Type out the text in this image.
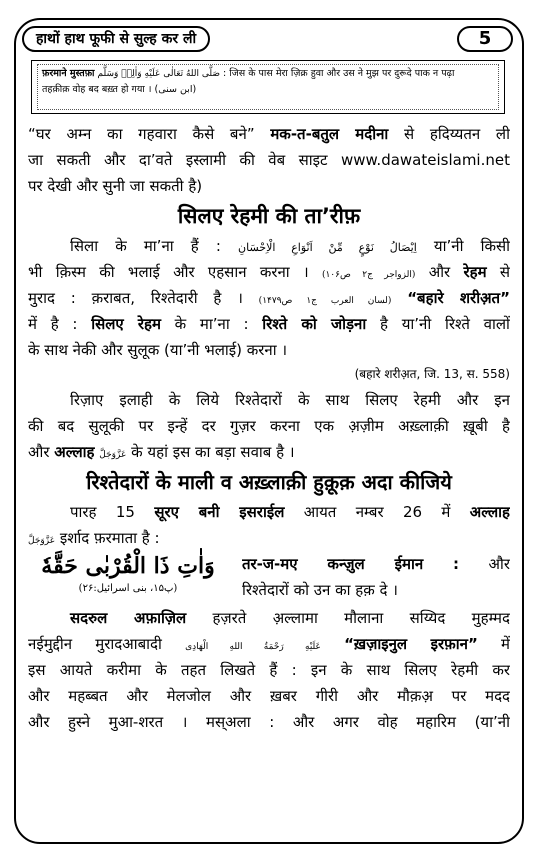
हाथों हाथ फूफी से सुल्ह कर ली	5
फ़रमाने मुस्तफ़ा صَلَّى اللهُ تَعَالٰی عَلَیْهِ وَاٰلِهٖ وَسَلَّم : जिस के पास मेरा ज़िक्र हुवा और उस ने मुझ पर दुरूदे पाक न पढ़ा
तहक़ीक़ वोह बद बख़्त हो गया । (ابن سنی)
“घर अम्न का गहवारा कैसे बने” मक-त-बतुल मदीना से हदिय्यतन ली
जा सकती और दा’वते इस्लामी की वेब साइट www.dawateislami.net
पर देखी और सुनी जा सकती है)
सिलए रेहमी की ता’रीफ़
सिला के मा’ना हैं : اِیْصَالُ نَوْعٍ مِّنْ اَنْوَاعِ الْاِحْسَانِ या’नी किसी
भी क़िस्म की भलाई और एहसान करना । (الزواجر ج۲ ص۱۰۶) और रेहम से
मुराद : क़राबत, रिश्तेदारी है । (لسان العرب ج۱ ص۱۴۷۹) “बहारे शरीअ़त”
में है : सिलए रेहम के मा’ना : रिश्ते को जोड़ना है या’नी रिश्ते वालों
के साथ नेकी और सुलूक (या’नी भलाई) करना ।
(बहारे शरीअ़त, जि. 13, स. 558)
रिज़ाए इलाही के लिये रिश्तेदारों के साथ सिलए रेहमी और इन
की बद सुलूकी पर इन्हें दर गुज़र करना एक अ़ज़ीम अख़्लाक़ी ख़ूबी है
और अल्लाह عَزَّوَجَلَّ के यहां इस का बड़ा सवाब है ।
रिश्तेदारों के माली व अख़्लाक़ी हुक़ूक़ अदा कीजिये
पारह 15 सूरए बनी इसराईल आयत नम्बर 26 में अल्लाह
عَزَّوَجَلَّ इर्शाद फ़रमाता है :
وَاٰتِ ذَا الْقُرْبٰى حَقَّهٗ
(پ۱۵، بنی اسرائیل:۲۶)
तर-ज-मए कन्ज़ुल ईमान : और
रिश्तेदारों को उन का हक़ दे ।
सदरुल अफ़ाज़िल हज़रते अ़ल्लामा मौलाना सय्यिद मुहम्मद
नईमुद्दीन मुरादआबादी	عَلَيْهِ رَحْمَةُ اللهِ الْهَادِى “ख़ज़ाइनुल इरफ़ान” में
इस आयते करीमा के तहत लिखते हैं : इन के साथ सिलए रेहमी कर
और महब्बत और मेलजोल और ख़बर गीरी और मौक़अ़ पर मदद
और हुस्ने मुआ-शरत । मस्अला : और अगर वोह महारिम (या’नी
